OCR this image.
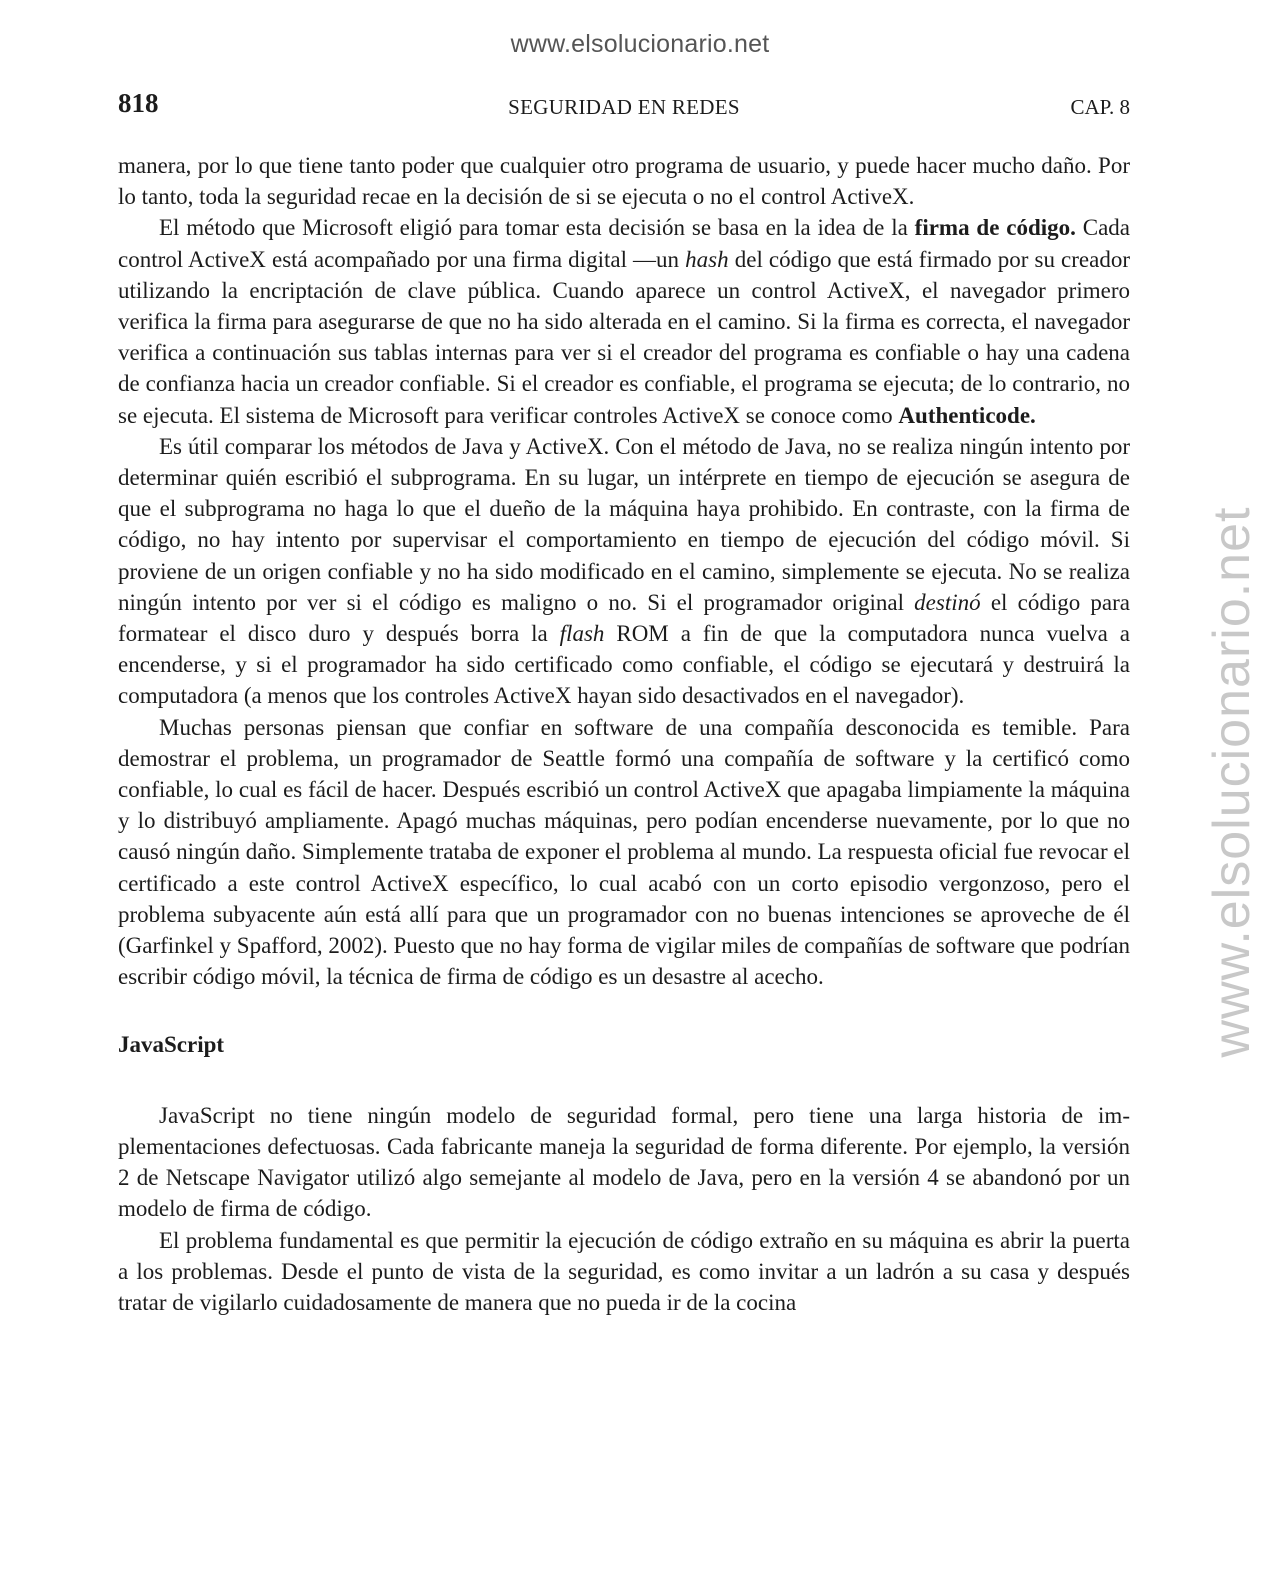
www.elsolucionario.net
www.elsolucionario.net
818	SEGURIDAD EN REDES	CAP. 8

manera, por lo que tiene tanto poder que cualquier otro programa de usuario, y puede hacer mucho daño. Por lo tanto, toda la seguridad recae en la decisión de si se ejecuta o no el control ActiveX.

El método que Microsoft eligió para tomar esta decisión se basa en la idea de la firma de código. Cada control ActiveX está acompañado por una firma digital —un hash del código que está firmado por su creador utilizando la encriptación de clave pública. Cuando aparece un control ActiveX, el navegador primero verifica la firma para asegurarse de que no ha sido alterada en el camino. Si la firma es correcta, el navegador verifica a continuación sus tablas internas para ver si el creador del programa es confiable o hay una cadena de confianza hacia un creador confiable. Si el creador es confiable, el programa se ejecuta; de lo contrario, no se ejecuta. El sistema de Microsoft para verificar controles ActiveX se conoce como Authenticode.

Es útil comparar los métodos de Java y ActiveX. Con el método de Java, no se realiza ningún intento por determinar quién escribió el subprograma. En su lugar, un intérprete en tiempo de ejecución se asegura de que el subprograma no haga lo que el dueño de la máquina haya prohibido. En contraste, con la firma de código, no hay intento por supervisar el comportamiento en tiempo de ejecución del código móvil. Si proviene de un origen confiable y no ha sido modificado en el camino, simplemente se ejecuta. No se realiza ningún intento por ver si el código es maligno o no. Si el programador original destinó el código para formatear el disco duro y después borra la flash ROM a fin de que la computadora nunca vuelva a encenderse, y si el programador ha sido certificado como confiable, el código se ejecutará y destruirá la computadora (a menos que los controles ActiveX hayan sido desactivados en el navegador).

Muchas personas piensan que confiar en software de una compañía desconocida es temible. Para demostrar el problema, un programador de Seattle formó una compañía de software y la certificó como confiable, lo cual es fácil de hacer. Después escribió un control ActiveX que apagaba limpiamente la máquina y lo distribuyó ampliamente. Apagó muchas máquinas, pero podían encenderse nuevamente, por lo que no causó ningún daño. Simplemente trataba de exponer el problema al mundo. La respuesta oficial fue revocar el certificado a este control ActiveX específico, lo cual acabó con un corto episodio vergonzoso, pero el problema subyacente aún está allí para que un programador con no buenas intenciones se aproveche de él (Garfinkel y Spafford, 2002). Puesto que no hay forma de vigilar miles de compañías de software que podrían escribir código móvil, la técnica de firma de código es un desastre al acecho.

JavaScript

JavaScript no tiene ningún modelo de seguridad formal, pero tiene una larga historia de implementaciones defectuosas. Cada fabricante maneja la seguridad de forma diferente. Por ejemplo, la versión 2 de Netscape Navigator utilizó algo semejante al modelo de Java, pero en la versión 4 se abandonó por un modelo de firma de código.

El problema fundamental es que permitir la ejecución de código extraño en su máquina es abrir la puerta a los problemas. Desde el punto de vista de la seguridad, es como invitar a un ladrón a su casa y después tratar de vigilarlo cuidadosamente de manera que no pueda ir de la cocina
